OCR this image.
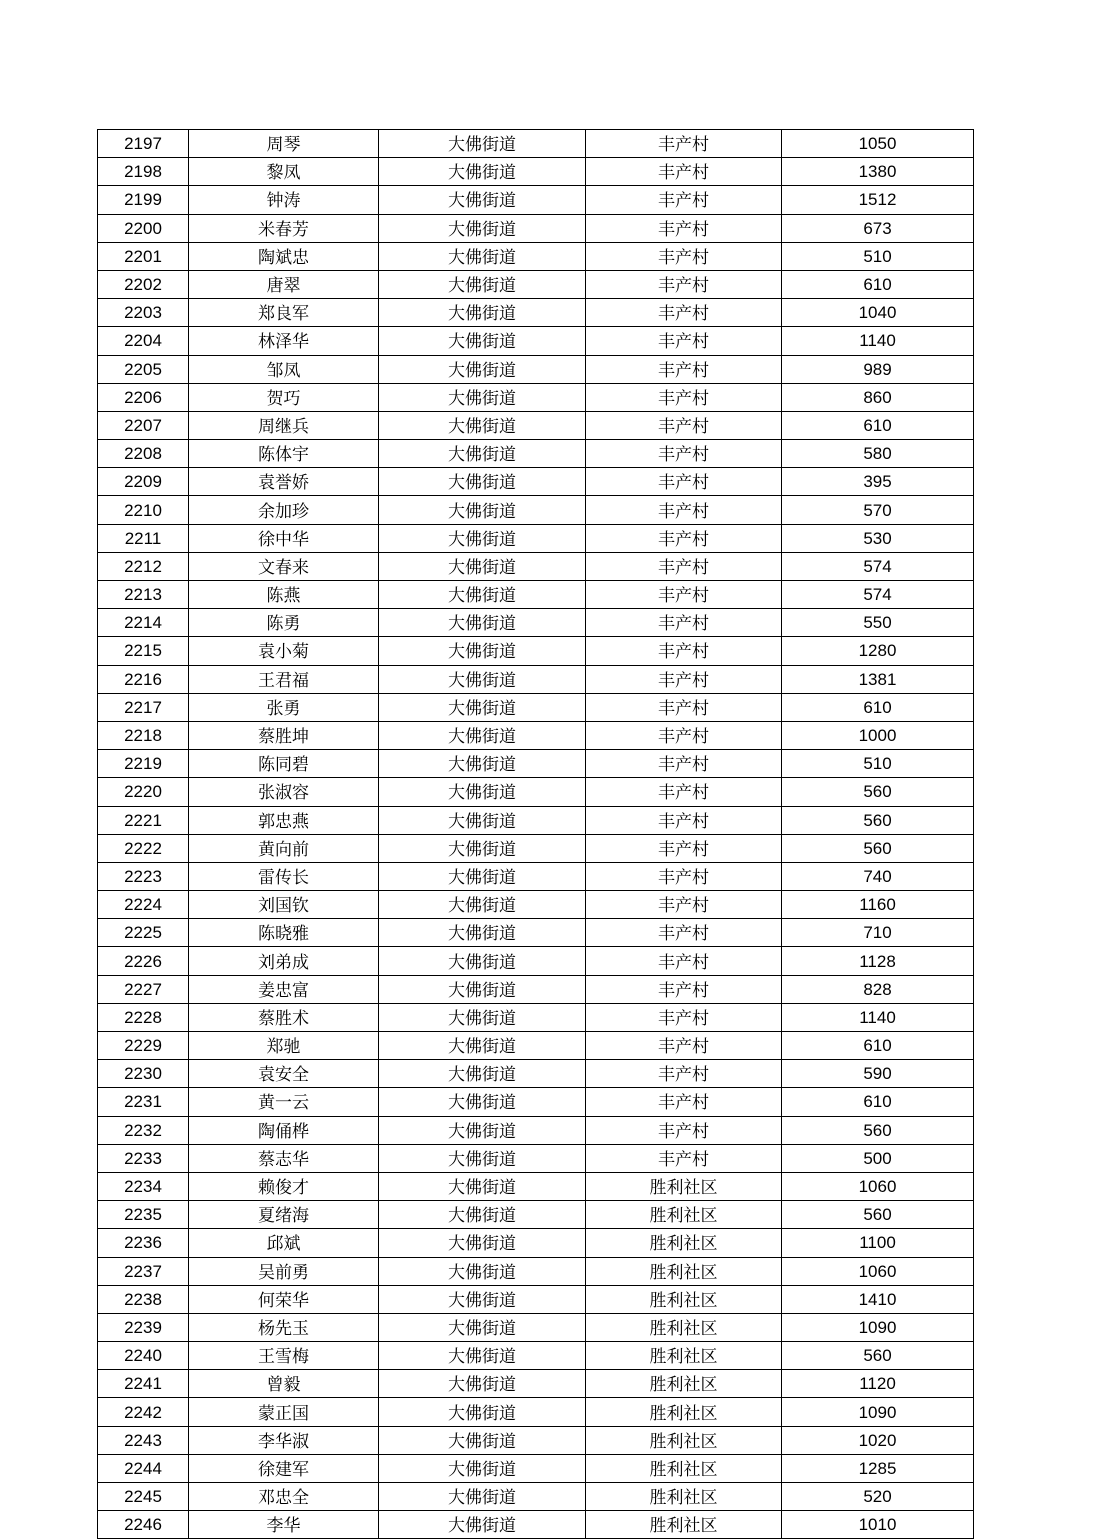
2197	周琴	大佛街道	丰产村	1050
2198	黎凤	大佛街道	丰产村	1380
2199	钟涛	大佛街道	丰产村	1512
2200	米春芳	大佛街道	丰产村	673
2201	陶斌忠	大佛街道	丰产村	510
2202	唐翠	大佛街道	丰产村	610
2203	郑良军	大佛街道	丰产村	1040
2204	林泽华	大佛街道	丰产村	1140
2205	邹凤	大佛街道	丰产村	989
2206	贺巧	大佛街道	丰产村	860
2207	周继兵	大佛街道	丰产村	610
2208	陈体宇	大佛街道	丰产村	580
2209	袁誉娇	大佛街道	丰产村	395
2210	余加珍	大佛街道	丰产村	570
2211	徐中华	大佛街道	丰产村	530
2212	文春来	大佛街道	丰产村	574
2213	陈燕	大佛街道	丰产村	574
2214	陈勇	大佛街道	丰产村	550
2215	袁小菊	大佛街道	丰产村	1280
2216	王君福	大佛街道	丰产村	1381
2217	张勇	大佛街道	丰产村	610
2218	蔡胜坤	大佛街道	丰产村	1000
2219	陈同碧	大佛街道	丰产村	510
2220	张淑容	大佛街道	丰产村	560
2221	郭忠燕	大佛街道	丰产村	560
2222	黄向前	大佛街道	丰产村	560
2223	雷传长	大佛街道	丰产村	740
2224	刘国钦	大佛街道	丰产村	1160
2225	陈晓雅	大佛街道	丰产村	710
2226	刘弟成	大佛街道	丰产村	1128
2227	姜忠富	大佛街道	丰产村	828
2228	蔡胜术	大佛街道	丰产村	1140
2229	郑驰	大佛街道	丰产村	610
2230	袁安全	大佛街道	丰产村	590
2231	黄一云	大佛街道	丰产村	610
2232	陶俑桦	大佛街道	丰产村	560
2233	蔡志华	大佛街道	丰产村	500
2234	赖俊才	大佛街道	胜利社区	1060
2235	夏绪海	大佛街道	胜利社区	560
2236	邱斌	大佛街道	胜利社区	1100
2237	吴前勇	大佛街道	胜利社区	1060
2238	何荣华	大佛街道	胜利社区	1410
2239	杨先玉	大佛街道	胜利社区	1090
2240	王雪梅	大佛街道	胜利社区	560
2241	曾毅	大佛街道	胜利社区	1120
2242	蒙正国	大佛街道	胜利社区	1090
2243	李华淑	大佛街道	胜利社区	1020
2244	徐建军	大佛街道	胜利社区	1285
2245	邓忠全	大佛街道	胜利社区	520
2246	李华	大佛街道	胜利社区	1010
